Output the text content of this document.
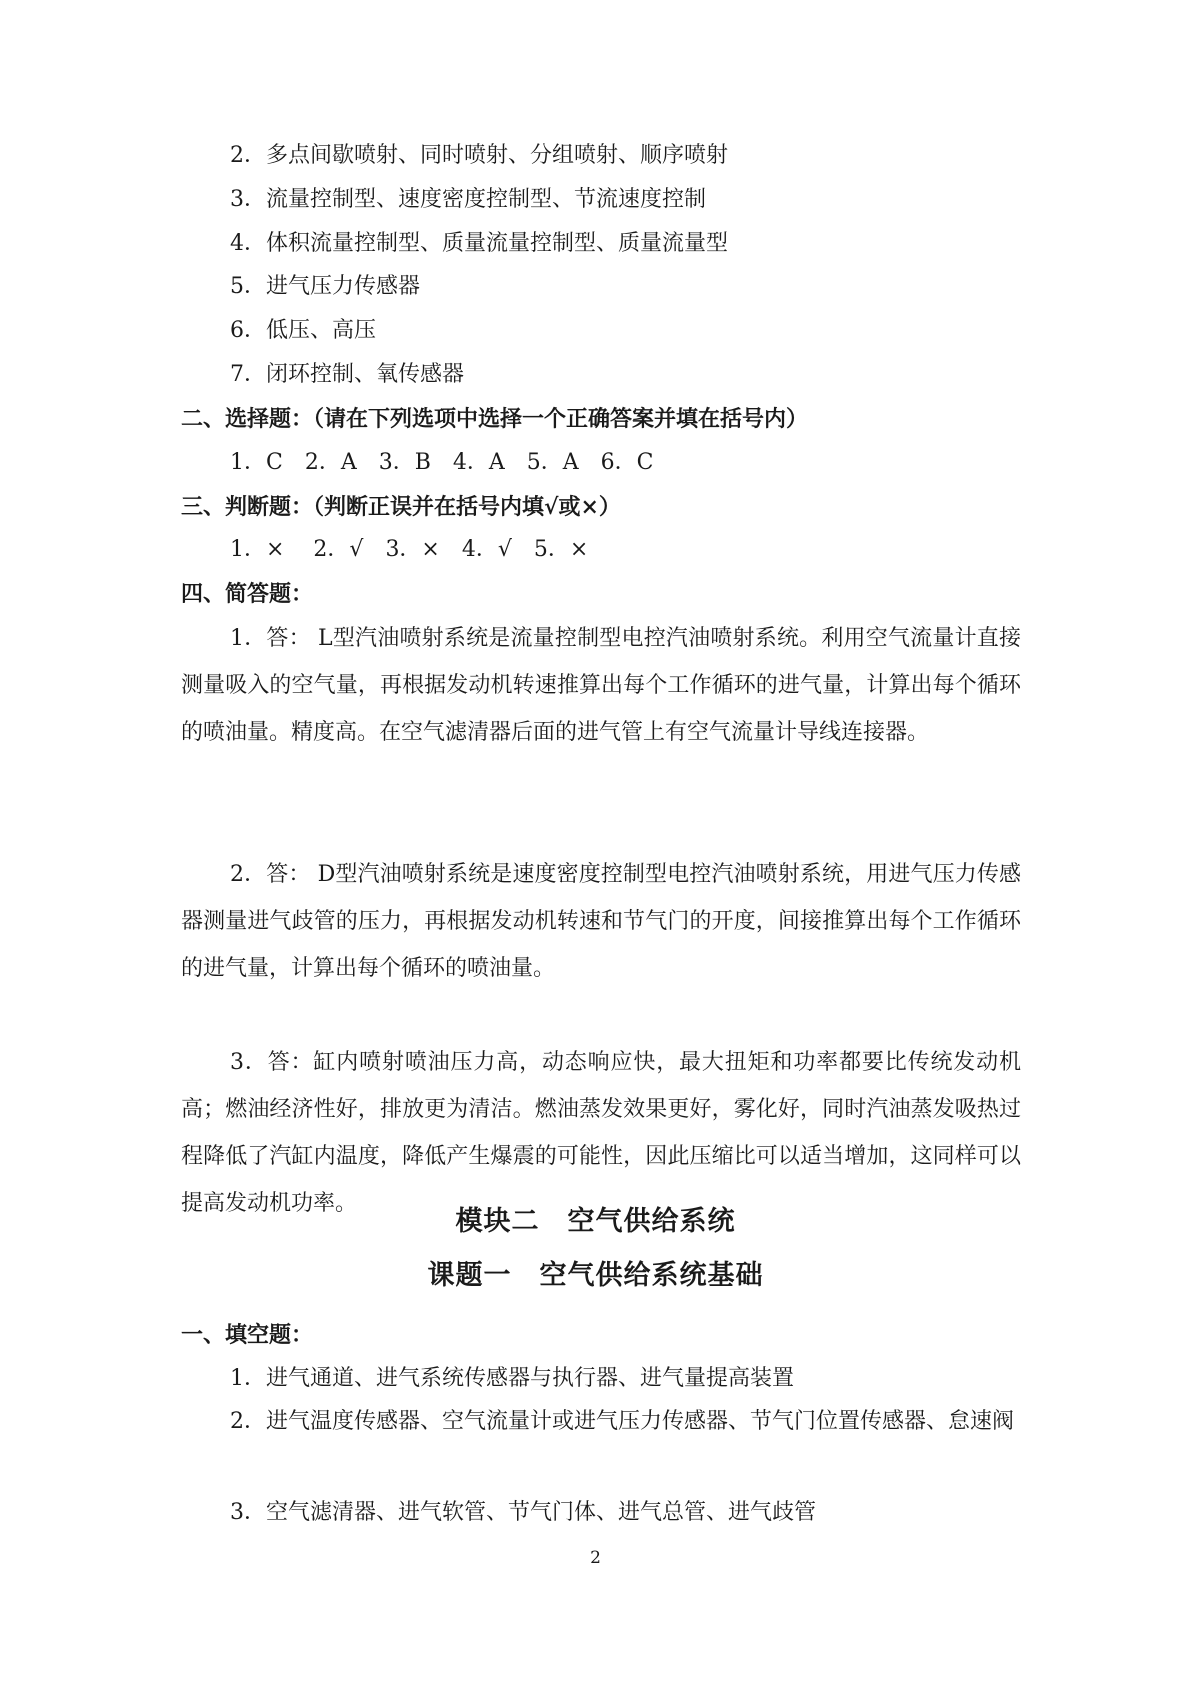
2．多点间歇喷射、同时喷射、分组喷射、顺序喷射
3．流量控制型、速度密度控制型、节流速度控制
4．体积流量控制型、质量流量控制型、质量流量型
5．进气压力传感器
6．低压、高压
7．闭环控制、氧传感器
二、选择题：（请在下列选项中选择一个正确答案并填在括号内）
1．C　2．A　3．B　4．A　5．A　6．C
三、判断题：（判断正误并在括号内填√或×）
1．×　 2．√　3．×　4．√　5．×
四、简答题：
1．答： L型汽油喷射系统是流量控制型电控汽油喷射系统。利用空气流量计直接测量吸入的空气量，再根据发动机转速推算出每个工作循环的进气量，计算出每个循环的喷油量。精度高。在空气滤清器后面的进气管上有空气流量计导线连接器。
2．答： D型汽油喷射系统是速度密度控制型电控汽油喷射系统，用进气压力传感器测量进气歧管的压力，再根据发动机转速和节气门的开度，间接推算出每个工作循环的进气量，计算出每个循环的喷油量。
3．答：缸内喷射喷油压力高，动态响应快，最大扭矩和功率都要比传统发动机高；燃油经济性好，排放更为清洁。燃油蒸发效果更好，雾化好，同时汽油蒸发吸热过程降低了汽缸内温度，降低产生爆震的可能性，因此压缩比可以适当增加，这同样可以提高发动机功率。
模块二　空气供给系统
课题一　空气供给系统基础
一、填空题：
1．进气通道、进气系统传感器与执行器、进气量提高装置
2．进气温度传感器、空气流量计或进气压力传感器、节气门位置传感器、怠速阀
3．空气滤清器、进气软管、节气门体、进气总管、进气歧管
2
